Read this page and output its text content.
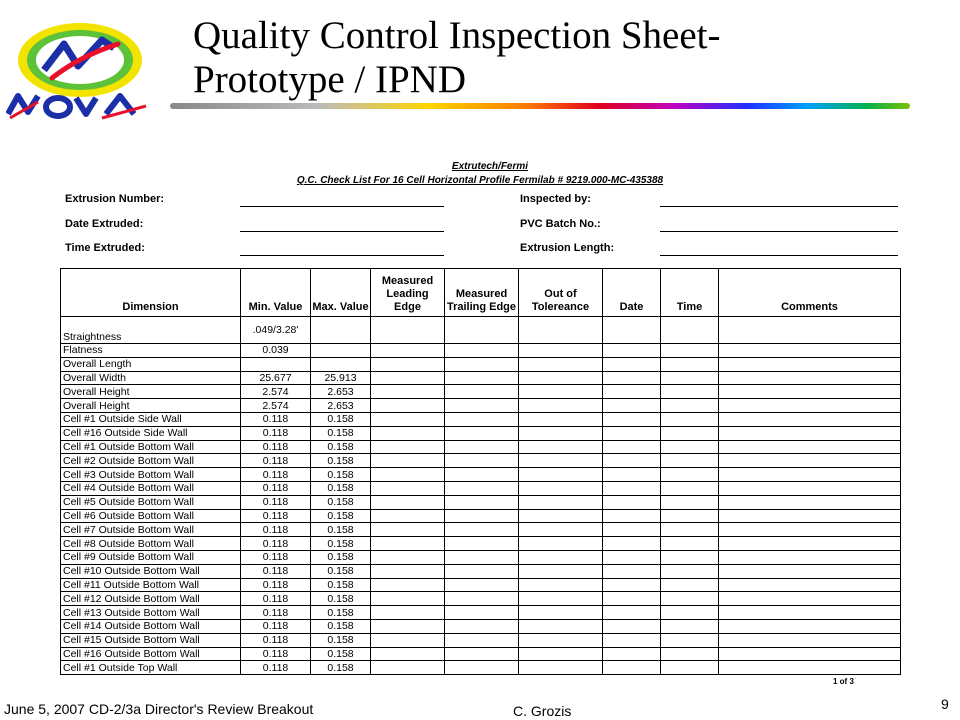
Quality Control Inspection Sheet-
Prototype / IPND
Extrutech/Fermi
Q.C. Check List For 16 Cell Horizontal Profile Fermilab # 9219.000-MC-435388
Extrusion Number:
Date Extruded:
Time Extruded:
Inspected by:
PVC Batch No.:
Extrusion Length:
Dimension	Min. Value	Max. Value	Measured Leading Edge	Measured Trailing Edge	Out of Tolereance	Date	Time	Comments
Straightness	.049/3.28'							
Flatness	0.039							
Overall Length								
Overall Width	25.677	25.913						
Overall Height	2.574	2.653						
Overall Height	2.574	2.653						
Cell #1 Outside Side Wall	0.118	0.158						
Cell #16 Outside Side Wall	0.118	0.158						
Cell #1 Outside Bottom Wall	0.118	0.158						
Cell #2 Outside Bottom Wall	0.118	0.158						
Cell #3 Outside Bottom Wall	0.118	0.158						
Cell #4 Outside Bottom Wall	0.118	0.158						
Cell #5 Outside Bottom Wall	0.118	0.158						
Cell #6 Outside Bottom Wall	0.118	0.158						
Cell #7 Outside Bottom Wall	0.118	0.158						
Cell #8 Outside Bottom Wall	0.118	0.158						
Cell #9 Outside Bottom Wall	0.118	0.158						
Cell #10 Outside Bottom Wall	0.118	0.158						
Cell #11 Outside Bottom Wall	0.118	0.158						
Cell #12 Outside Bottom Wall	0.118	0.158						
Cell #13 Outside Bottom Wall	0.118	0.158						
Cell #14 Outside Bottom Wall	0.118	0.158						
Cell #15 Outside Bottom Wall	0.118	0.158						
Cell #16 Outside Bottom Wall	0.118	0.158						
Cell #1 Outside Top Wall	0.118	0.158						
1 of 3
June 5, 2007 CD-2/3a Director's Review Breakout	C. Grozis	9
